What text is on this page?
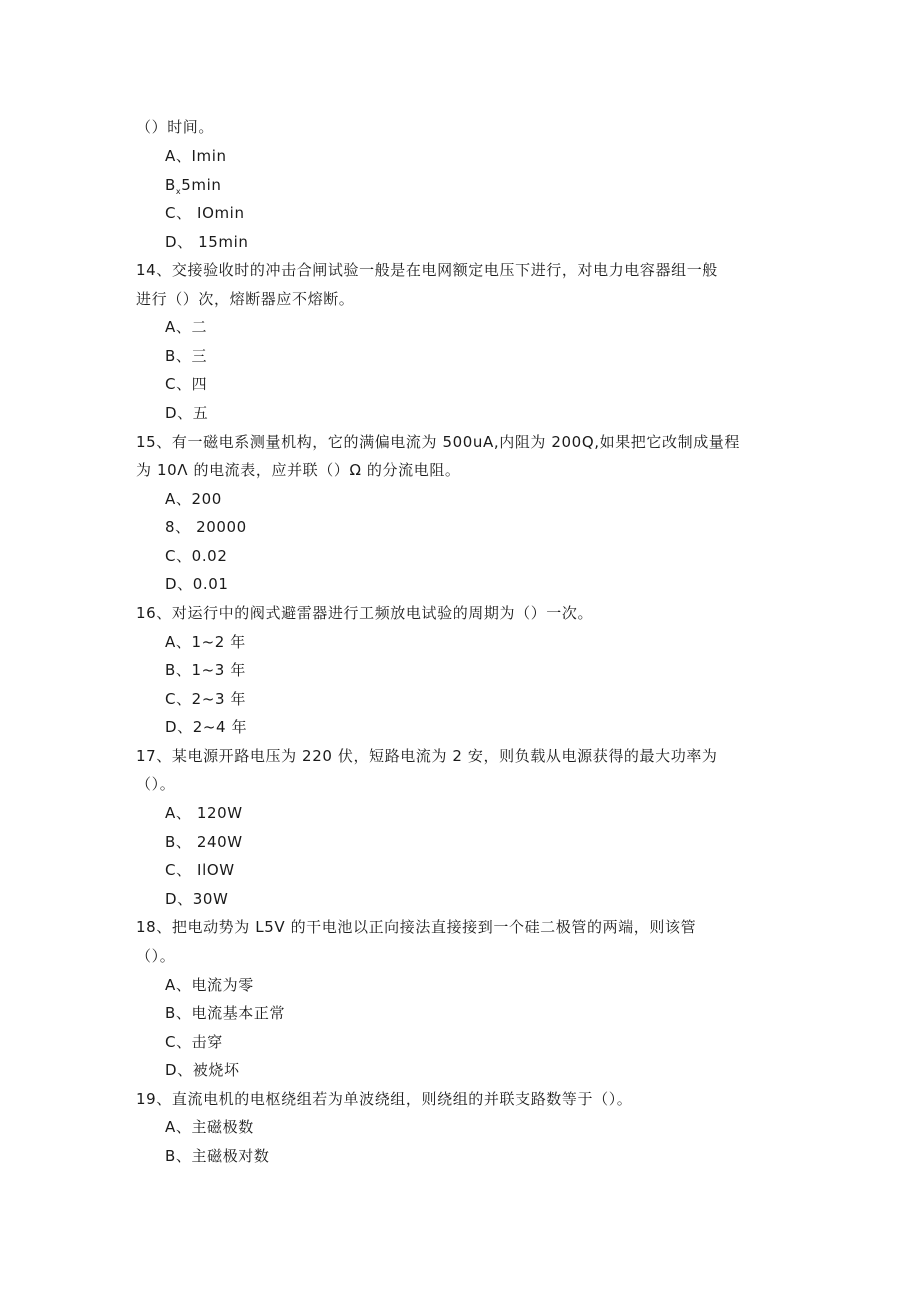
（）时间。
A、Imin
$B_x5\min$
C、 IOmin
D、 15min
14、交接验收时的冲击合闸试验一般是在电网额定电压下进行，对电力电容器组一般
进行（）次，熔断器应不熔断。
A、二
B、三
C、四
D、五
15、有一磁电系测量机构，它的满偏电流为 500uA,内阻为 200Q,如果把它改制成量程
为 10Λ 的电流表，应并联（）Ω 的分流电阻。
A、200
8、 20000
C、0.02
D、0.01
16、对运行中的阀式避雷器进行工频放电试验的周期为（）一次。
A、1~2 年
B、1~3 年
C、2~3 年
D、2~4 年
17、某电源开路电压为 220 伏，短路电流为 2 安，则负载从电源获得的最大功率为
（）。
A、 120W
B、 240W
C、 IlOW
D、30W
18、把电动势为 L5V 的干电池以正向接法直接接到一个硅二极管的两端，则该管
（）。
A、电流为零
B、电流基本正常
C、击穿
D、被烧坏
19、直流电机的电枢绕组若为单波绕组，则绕组的并联支路数等于（）。
A、主磁极数
B、主磁极对数
